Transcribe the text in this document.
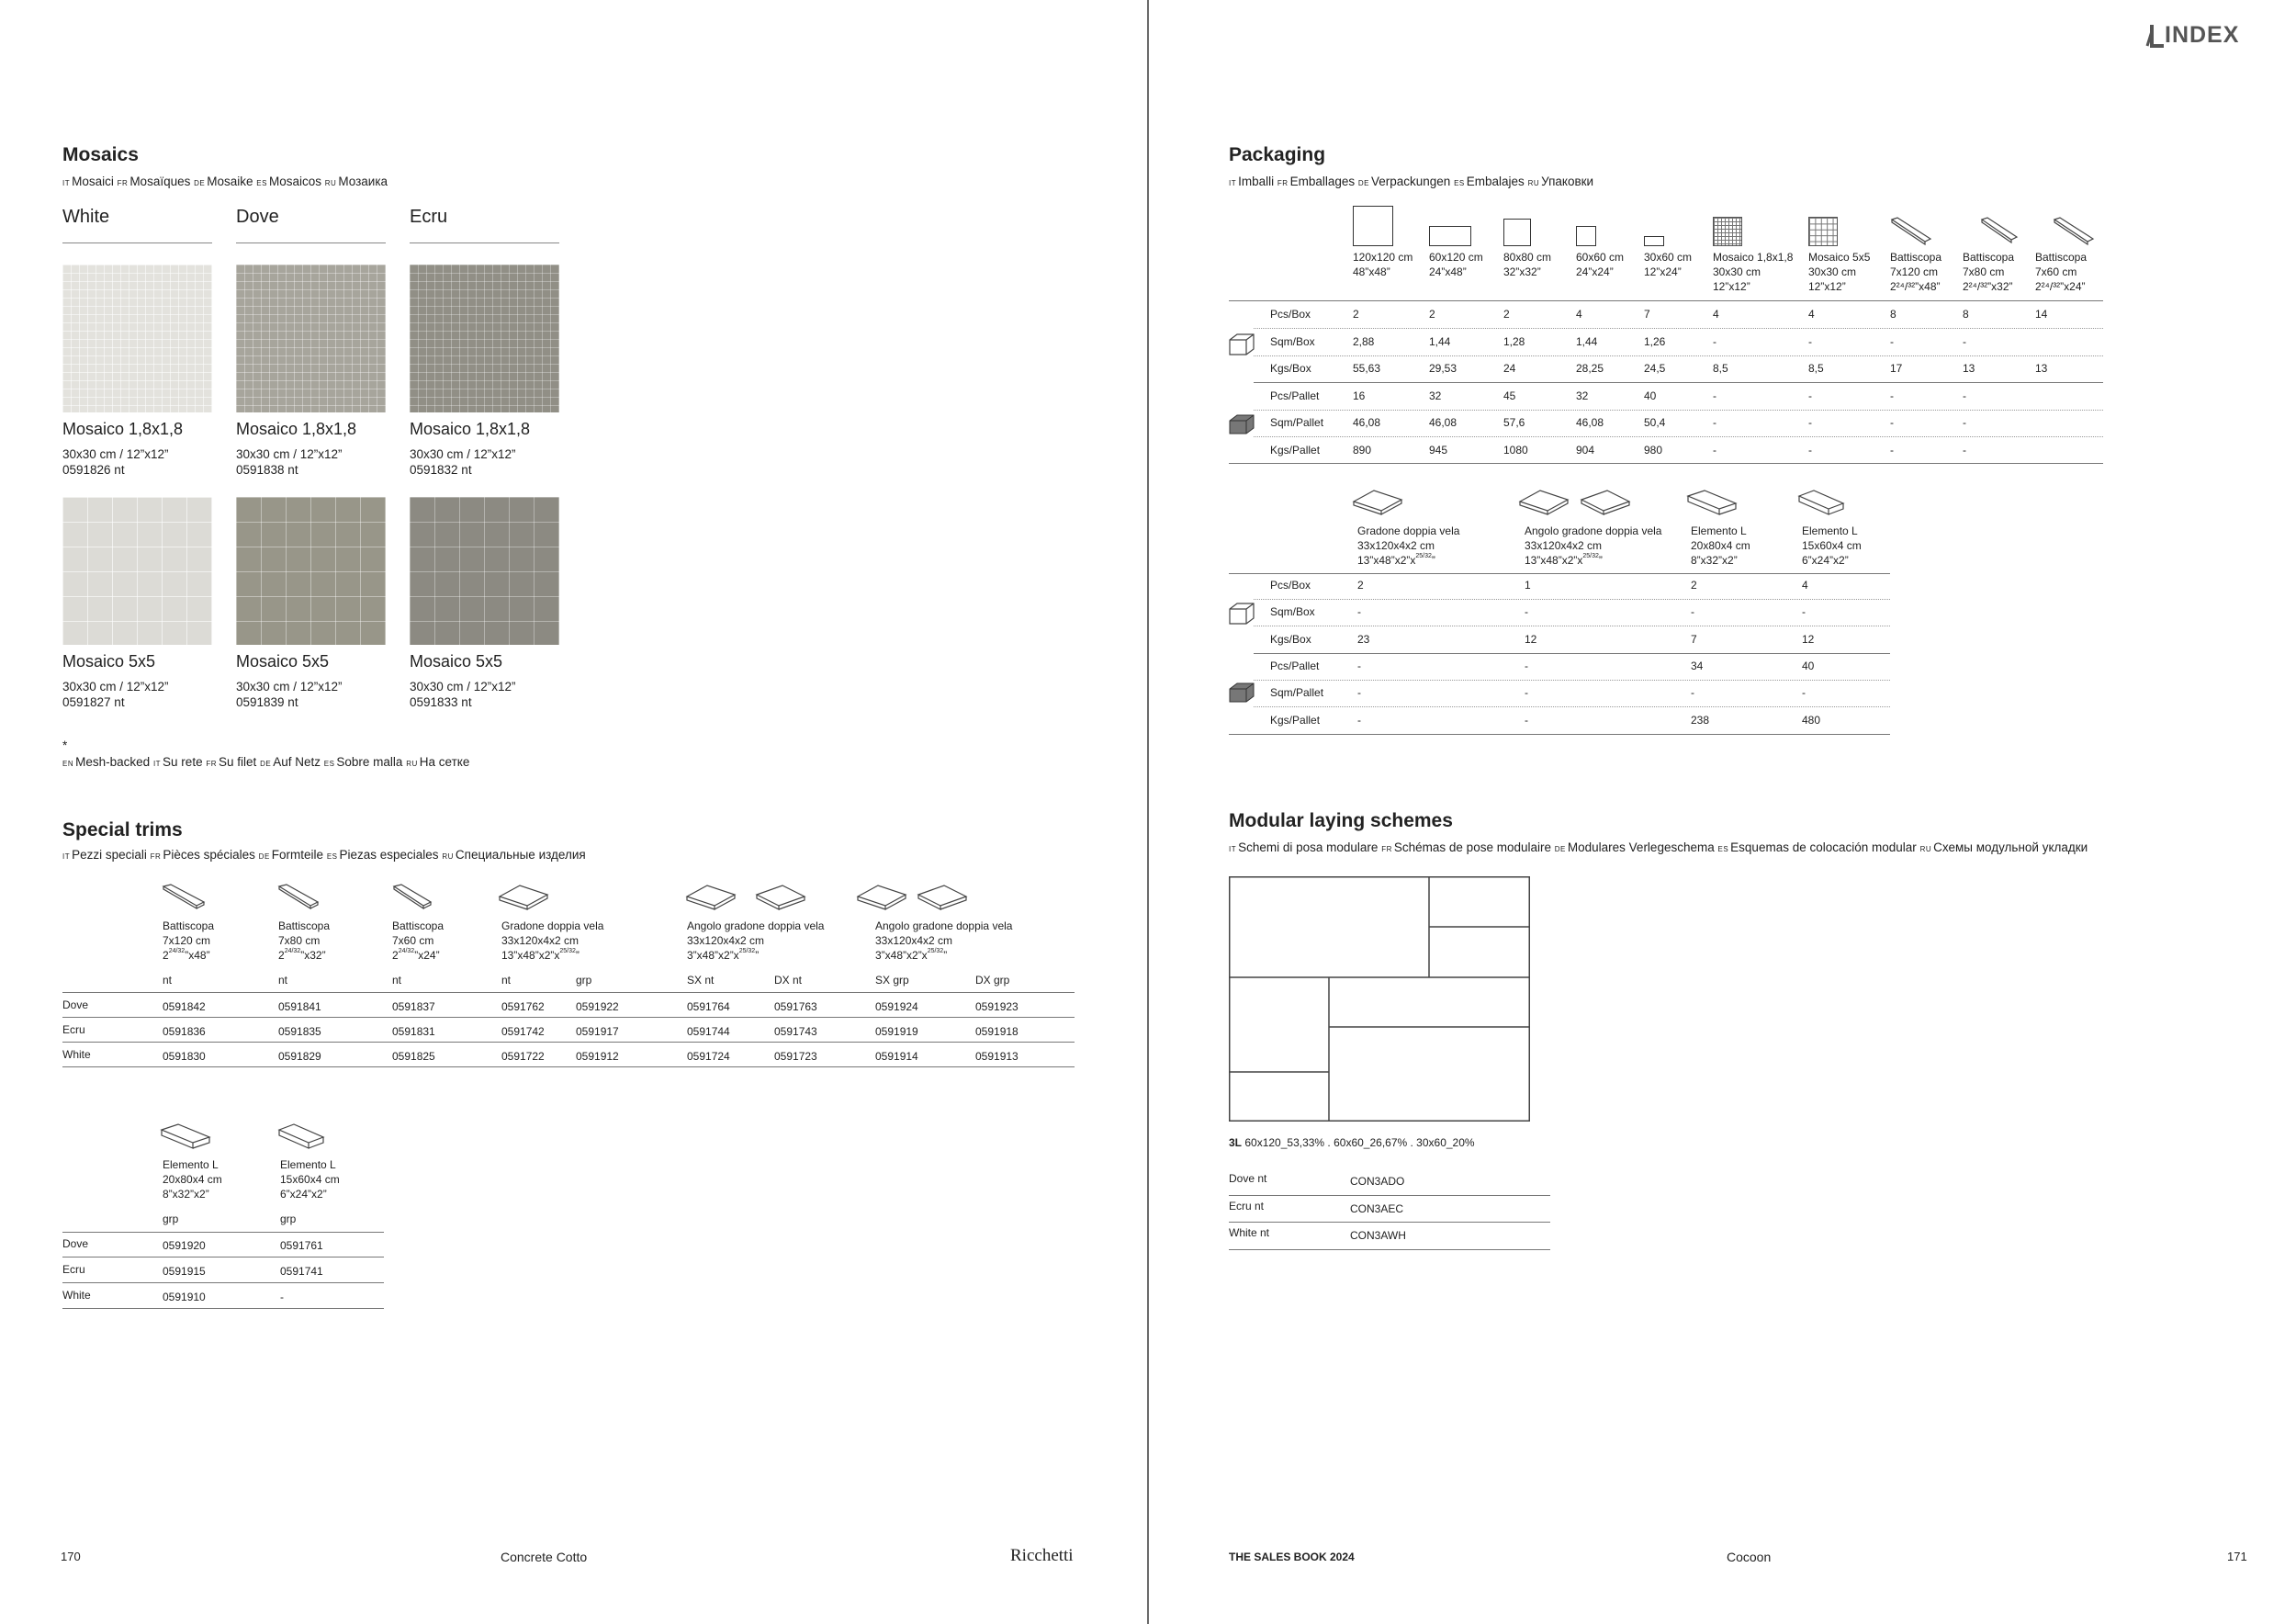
INDEX
Mosaics
IT Mosaici FR Mosaïques DE Mosaike ES Mosaicos RU Мозаика
White	Dove	Ecru
Mosaico 1,8x1,8	Mosaico 1,8x1,8	Mosaico 1,8x1,8
30x30 cm / 12”x12”	30x30 cm / 12”x12”	30x30 cm / 12”x12”
0591826 nt	0591838 nt	0591832 nt
Mosaico 5x5	Mosaico 5x5	Mosaico 5x5
30x30 cm / 12”x12”	30x30 cm / 12”x12”	30x30 cm / 12”x12”
0591827 nt	0591839 nt	0591833 nt
*
EN Mesh-backed IT Su rete FR Su filet DE Auf Netz ES Sobre malla RU На сетке
Special trims
IT Pezzi speciali FR Pièces spéciales DE Formteile ES Piezas especiales RU Специальные изделия
Battiscopa
7x120 cm
$2^{24/32}”x48$”
Battiscopa
7x80 cm
$2^{24/32}”x32$”
Battiscopa
7x60 cm
$2^{24/32}”x24$”
Gradone doppia vela
33x120x4x2 cm
$13”x48”x2”x^{25/32}$”
Angolo gradone doppia vela
33x120x4x2 cm
$3”x48”x2”x^{25/32}$”
Angolo gradone doppia vela
33x120x4x2 cm
$3”x48”x2”x^{25/32}$”
nt	nt	nt	nt	grp	SX nt	DX nt	SX grp	DX grp
Dove	0591842	0591841	0591837	0591762	0591922	0591764	0591763	0591924	0591923
Ecru	0591836	0591835	0591831	0591742	0591917	0591744	0591743	0591919	0591918
White	0591830	0591829	0591825	0591722	0591912	0591724	0591723	0591914	0591913
Elemento L
20x80x4 cm
8”x32”x2”
Elemento L
15x60x4 cm
6”x24”x2”
grp	grp
Dove	0591920	0591761
Ecru	0591915	0591741
White	0591910	-
Packaging
IT Imballi FR Emballages DE Verpackungen ES Embalajes RU Упаковки
120x120 cm
48”x48”
60x120 cm
24”x48”
80x80 cm
32”x32”
60x60 cm
24”x24”
30x60 cm
12”x24”
Mosaico 1,8x1,8
30x30 cm
12”x12”
Mosaico 5x5
30x30 cm
12”x12”
Battiscopa
7x120 cm
2²⁴/³²”x48”
Battiscopa
7x80 cm
2²⁴/³²”x32”
Battiscopa
7x60 cm
2²⁴/³²”x24”
Pcs/Box	2	2	2	4	7	4	4	8	8	14
Sqm/Box	2,88	1,44	1,28	1,44	1,26	-	-	-	-
Kgs/Box	55,63	29,53	24	28,25	24,5	8,5	8,5	17	13	13
Pcs/Pallet	16	32	45	32	40	-	-	-	-
Sqm/Pallet	46,08	46,08	57,6	46,08	50,4	-	-	-	-
Kgs/Pallet	890	945	1080	904	980	-	-	-	-
Gradone doppia vela
33x120x4x2 cm
$13”x48”x2”x^{25/32}$”
Angolo gradone doppia vela
33x120x4x2 cm
$13”x48”x2”x^{25/32}$”
Elemento L
20x80x4 cm
8”x32”x2”
Elemento L
15x60x4 cm
6”x24”x2”
Pcs/Box	2	1	2	4
Sqm/Box	-	-	-	-
Kgs/Box	23	12	7	12
Pcs/Pallet	-	-	34	40
Sqm/Pallet	-	-	-	-
Kgs/Pallet	-	-	238	480
Modular laying schemes
IT Schemi di posa modulare FR Schémas de pose modulaire DE Modulares Verlegeschema ES Esquemas de colocación modular RU Схемы модульной укладки
3L 60x120_53,33% . 60x60_26,67% . 30x60_20%
Dove nt	CON3ADO
Ecru nt	CON3AEC
White nt	CON3AWH
170	Concrete Cotto	Ricchetti	THE SALES BOOK 2024	Cocoon	171
